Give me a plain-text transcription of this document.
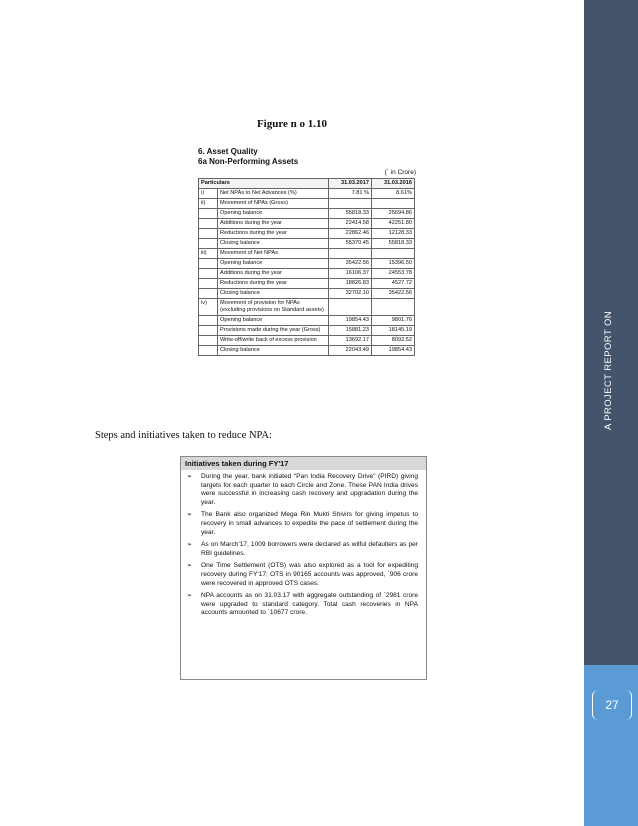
Figure n o 1.10
6. Asset Quality
6a Non-Performing Assets
(` in Crore)
Particulars		31.03.2017	31.03.2016
i)	Net NPAs to Net Advances (%)	7.81 %	8.61%
ii)	Movement of NPAs (Gross)		
	Opening balance	55818.33	25694.86
	Additions during the year	22414.58	42251.80
	Reductions during the year	22862.46	12128.33
	Closing balance	55370.45	55818.33
iii)	Movement of Net NPAs		
	Opening balance	35422.56	15396.50
	Additions during the year	16106.37	24553.78
	Reductions during the year	18826.83	4527.72
	Closing balance	32702.10	35422.56
iv)	Movement of provision for NPAs (excluding provisions on Standard assets)		
	Opening balance	19854.43	9801.76
	Provisions made during the year (Gross)	15881.23	18145.19
	Write-off/write back of excess provision	13692.17	8092.52
	Closing balance	22043.49	19854.43
Steps and initiatives taken to reduce NPA:
Initiatives taken during FY'17
➢	During the year, bank initiated “Pan India Recovery Drive” (PIRD) giving targets for each quarter to each Circle and Zone. These PAN India drives were successful in increasing cash recovery and upgradation during the year.
➢	The Bank also organized Mega Rin Mukti Shivirs for giving impetus to recovery in small advances to expedite the pace of settlement during the year.
➢	As on March'17, 1009 borrowers were declared as wilful defaulters as per RBI guidelines.
➢	One Time Settlement (OTS) was also explored as a tool for expediting recovery during FY'17; OTS in 90165 accounts was approved, `906 crore were recovered in approved OTS cases.
➢	NPA accounts as on 31.03.17 with aggregate outstanding of `2981 crore were upgraded to standard category. Total cash recoveries in NPA accounts amounted to `10677 crore.
A PROJECT REPORT ON
27
